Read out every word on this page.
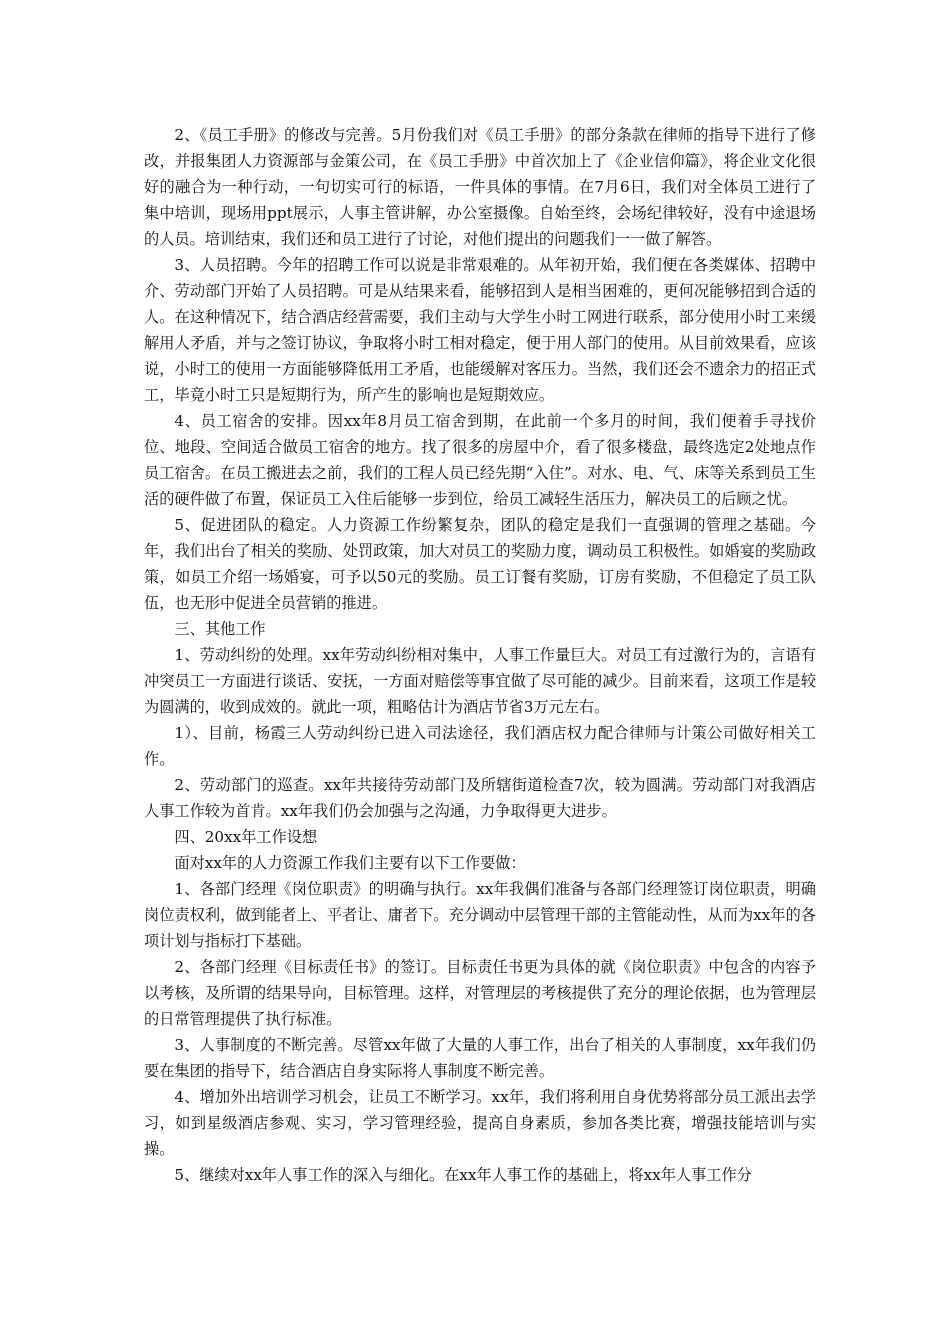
2、《员工手册》的修改与完善。5月份我们对《员工手册》的部分条款在律师的指导下进行了修改，并报集团人力资源部与金策公司，在《员工手册》中首次加上了《企业信仰篇》，将企业文化很好的融合为一种行动，一句切实可行的标语，一件具体的事情。在7月6日，我们对全体员工进行了集中培训，现场用ppt展示，人事主管讲解，办公室摄像。自始至终，会场纪律较好，没有中途退场的人员。培训结束，我们还和员工进行了讨论，对他们提出的问题我们一一做了解答。

3、人员招聘。今年的招聘工作可以说是非常艰难的。从年初开始，我们便在各类媒体、招聘中介、劳动部门开始了人员招聘。可是从结果来看，能够招到人是相当困难的，更何况能够招到合适的人。在这种情况下，结合酒店经营需要，我们主动与大学生小时工网进行联系，部分使用小时工来缓解用人矛盾，并与之签订协议，争取将小时工相对稳定，便于用人部门的使用。从目前效果看，应该说，小时工的使用一方面能够降低用工矛盾，也能缓解对客压力。当然，我们还会不遗余力的招正式工，毕竟小时工只是短期行为，所产生的影响也是短期效应。

4、员工宿舍的安排。因xx年8月员工宿舍到期，在此前一个多月的时间，我们便着手寻找价位、地段、空间适合做员工宿舍的地方。找了很多的房屋中介，看了很多楼盘，最终选定2处地点作员工宿舍。在员工搬进去之前，我们的工程人员已经先期“入住”。对水、电、气、床等关系到员工生活的硬件做了布置，保证员工入住后能够一步到位，给员工减轻生活压力，解决员工的后顾之忧。

5、促进团队的稳定。人力资源工作纷繁复杂，团队的稳定是我们一直强调的管理之基础。今年，我们出台了相关的奖励、处罚政策，加大对员工的奖励力度，调动员工积极性。如婚宴的奖励政策，如员工介绍一场婚宴，可予以50元的奖励。员工订餐有奖励，订房有奖励，不但稳定了员工队伍，也无形中促进全员营销的推进。

三、其他工作

1、劳动纠纷的处理。xx年劳动纠纷相对集中，人事工作量巨大。对员工有过激行为的，言语有冲突员工一方面进行谈话、安抚，一方面对赔偿等事宜做了尽可能的减少。目前来看，这项工作是较为圆满的，收到成效的。就此一项，粗略估计为酒店节省3万元左右。

1）、目前，杨霞三人劳动纠纷已进入司法途径，我们酒店权力配合律师与计策公司做好相关工作。

2、劳动部门的巡查。xx年共接待劳动部门及所辖街道检查7次，较为圆满。劳动部门对我酒店人事工作较为首肯。xx年我们仍会加强与之沟通，力争取得更大进步。

四、20xx年工作设想

面对xx年的人力资源工作我们主要有以下工作要做：

1、各部门经理《岗位职责》的明确与执行。xx年我偶们准备与各部门经理签订岗位职责，明确岗位责权利，做到能者上、平者让、庸者下。充分调动中层管理干部的主管能动性，从而为xx年的各项计划与指标打下基础。

2、各部门经理《目标责任书》的签订。目标责任书更为具体的就《岗位职责》中包含的内容予以考核，及所谓的结果导向，目标管理。这样，对管理层的考核提供了充分的理论依据，也为管理层的日常管理提供了执行标准。

3、人事制度的不断完善。尽管xx年做了大量的人事工作，出台了相关的人事制度，xx年我们仍要在集团的指导下，结合酒店自身实际将人事制度不断完善。

4、增加外出培训学习机会，让员工不断学习。xx年，我们将利用自身优势将部分员工派出去学习，如到星级酒店参观、实习，学习管理经验，提高自身素质，参加各类比赛，增强技能培训与实操。

5、继续对xx年人事工作的深入与细化。在xx年人事工作的基础上，将xx年人事工作分
